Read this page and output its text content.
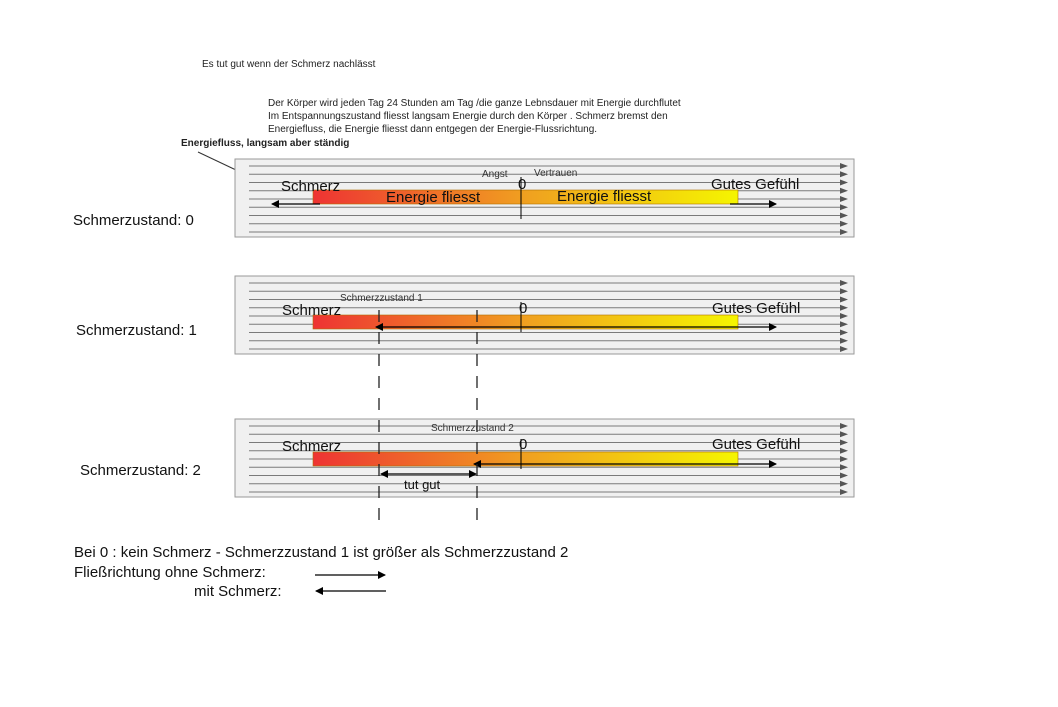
Es tut gut wenn der Schmerz nachlässt
Der Körper wird jeden Tag 24 Stunden am Tag /die ganze Lebnsdauer mit Energie durchflutet
Im Entspannungszustand fliesst langsam Energie durch den Körper . Schmerz bremst den
Energiefluss, die Energie fliesst dann entgegen der Energie-Flussrichtung.
Energiefluss, langsam aber ständig
Schmerzustand: 0
Schmerzustand: 1
Schmerzustand: 2
Schmerz	0	Gutes Gefühl
Energie fliesst	Energie fliesst
Angst	Vertrauen
Schmerz	0	Gutes Gefühl
Schmerzzustand 1
Schmerz	0	Gutes Gefühl
Schmerzzustand 2
tut gut
Bei 0 : kein Schmerz - Schmerzzustand 1 ist größer als Schmerzzustand 2
Fließrichtung ohne Schmerz:
mit Schmerz:
